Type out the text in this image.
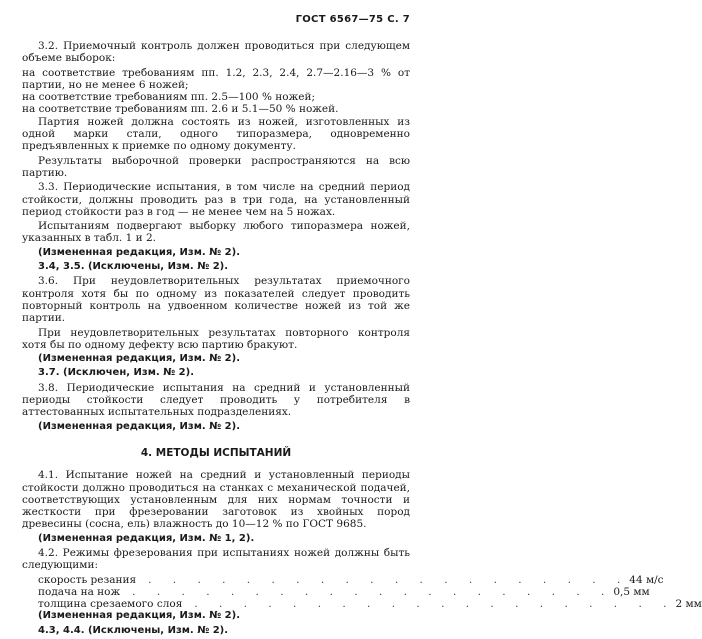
ГОСТ 6567—75 С. 7
3.2. Приемочный контроль должен проводиться при следующем объеме выборок:
на соответствие требованиям пп. 1.2, 2.3, 2.4, 2.7—2.16—3 % от партии, но не менее 6 ножей;
на соответствие требованиям пп. 2.5—100 % ножей;
на соответствие требованиям пп. 2.6 и 5.1—50 % ножей.
Партия ножей должна состоять из ножей, изготовленных из одной марки стали, одного типоразмера, одновременно предъявленных к приемке по одному документу.
Результаты выборочной проверки распространяются на всю партию.
3.3. Периодические испытания, в том числе на средний период стойкости, должны проводить раз в три года, на установленный период стойкости раз в год — не менее чем на 5 ножах.
Испытаниям подвергают выборку любого типоразмера ножей, указанных в табл. 1 и 2.
(Измененная редакция, Изм. № 2).
3.4, 3.5. (Исключены, Изм. № 2).
3.6. При неудовлетворительных результатах приемочного контроля хотя бы по одному из показателей следует проводить повторный контроль на удвоенном количестве ножей из той же партии.
При неудовлетворительных результатах повторного контроля хотя бы по одному дефекту всю партию бракуют.
(Измененная редакция, Изм. № 2).
3.7. (Исключен, Изм. № 2).
3.8. Периодические испытания на средний и установленный периоды стойкости следует проводить у потребителя в аттестованных испытательных подразделениях.
(Измененная редакция, Изм. № 2).
4. МЕТОДЫ ИСПЫТАНИЙ
4.1. Испытание ножей на средний и установленный периоды стойкости должно проводиться на станках с механической подачей, соответствующих установленным для них нормам точности и жесткости при фрезеровании заготовок из хвойных пород древесины (сосна, ель) влажность до 10—12 % по ГОСТ 9685.
(Измененная редакция, Изм. № 1, 2).
4.2. Режимы фрезерования при испытаниях ножей должны быть следующими:
скорость резания	. . . . . . . . . . . . . . . . . . . . 44 м/с
подача на нож	. . . . . . . . . . . . . . . . . . . . 0,5 мм
толщина срезаемого слоя	. . . . . . . . . . . . . . . . . . . . 2 мм
(Измененная редакция, Изм. № 2).
4.3, 4.4. (Исключены, Изм. № 2).
